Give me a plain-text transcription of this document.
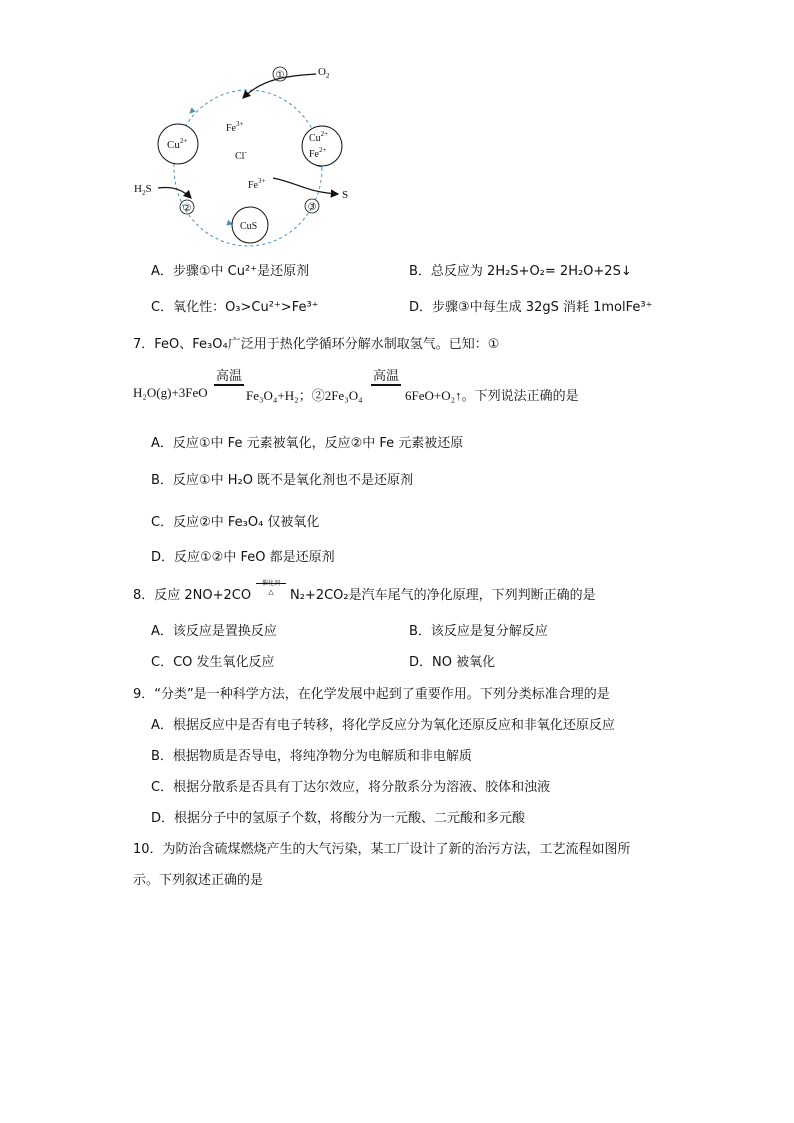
①
②	③
$O_2$
$H_2S$	S
$Cu^{2+}$	$Cu^{2+}$
$Fe^{2+}$
CuS
$Fe^{3+}$
Cl-
$Fe^{3+}$
A．步骤①中 Cu²⁺是还原剂	B．总反应为 2H₂S+O₂= 2H₂O+2S↓
C．氧化性：O₃>Cu²⁺>Fe³⁺	D．步骤③中每生成 32gS 消耗 1molFe³⁺
7．FeO、Fe₃O₄广泛用于热化学循环分解水制取氢气。已知：①
H₂O(g)+3FeO
高温
Fe₃O₄+H₂；②2Fe₃O₄
高温
6FeO+O₂↑。下列说法正确的是
A．反应①中 Fe 元素被氧化，反应②中 Fe 元素被还原
B．反应①中 H₂O 既不是氧化剂也不是还原剂
C．反应②中 Fe₃O₄ 仅被氧化
D．反应①②中 FeO 都是还原剂
8．反应 2NO+2CO
催化剂
△	N₂+2CO₂是汽车尾气的净化原理，下列判断正确的是
A．该反应是置换反应	B．该反应是复分解反应
C．CO 发生氧化反应	D．NO 被氧化
9．“分类”是一种科学方法，在化学发展中起到了重要作用。下列分类标准合理的是
A．根据反应中是否有电子转移，将化学反应分为氧化还原反应和非氧化还原反应
B．根据物质是否导电，将纯净物分为电解质和非电解质
C．根据分散系是否具有丁达尔效应，将分散系分为溶液、胶体和浊液
D．根据分子中的氢原子个数，将酸分为一元酸、二元酸和多元酸
10．为防治含硫煤燃烧产生的大气污染，某工厂设计了新的治污方法，工艺流程如图所
示。下列叙述正确的是
